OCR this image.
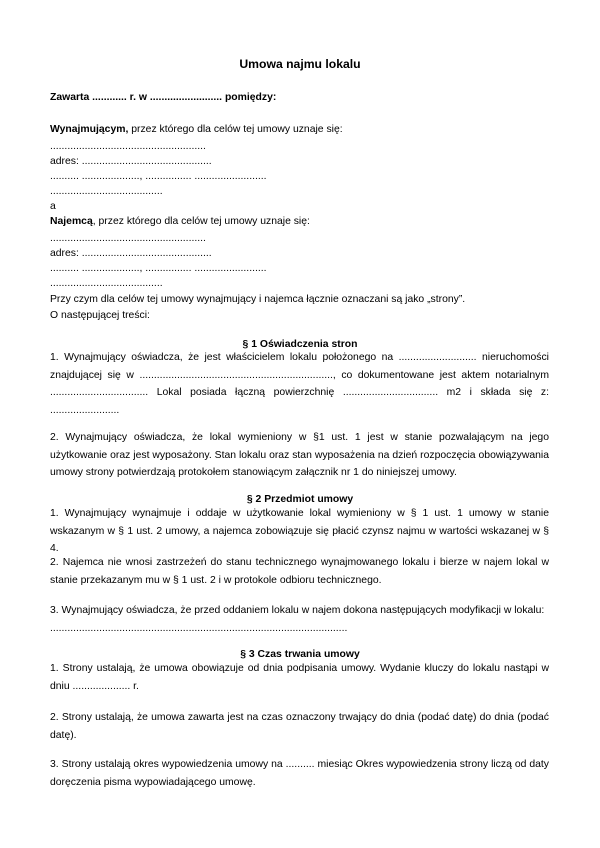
Umowa najmu lokalu
Zawarta ............ r. w ......................... pomiędzy:
Wynajmującym, przez którego dla celów tej umowy uznaje się:
......................................................
adres: .............................................
.......... ...................., ................ .........................
.......................................
a
Najemcą, przez którego dla celów tej umowy uznaje się:
......................................................
adres: .............................................
.......... ...................., ................ .........................
.......................................
Przy czym dla celów tej umowy wynajmujący i najemca łącznie oznaczani są jako „strony”.
O następującej treści:
§ 1 Oświadczenia stron
1. Wynajmujący oświadcza, że jest właścicielem lokalu położonego na ........................... nieruchomości znajdującej się w ..................................................................., co dokumentowane jest aktem notarialnym .................................. Lokal posiada łączną powierzchnię ................................. m2 i składa się z: ........................
2. Wynajmujący oświadcza, że lokal wymieniony w §1 ust. 1 jest w stanie pozwalającym na jego użytkowanie oraz jest wyposażony. Stan lokalu oraz stan wyposażenia na dzień rozpoczęcia obowiązywania umowy strony potwierdzają protokołem stanowiącym załącznik nr 1 do niniejszej umowy.
§ 2 Przedmiot umowy
1. Wynajmujący wynajmuje i oddaje w użytkowanie lokal wymieniony w § 1 ust. 1 umowy w stanie wskazanym w § 1 ust. 2 umowy, a najemca zobowiązuje się płacić czynsz najmu w wartości wskazanej w § 4.
2. Najemca nie wnosi zastrzeżeń do stanu technicznego wynajmowanego lokalu i bierze w najem lokal w stanie przekazanym mu w § 1 ust. 2 i w protokole odbioru technicznego.
3. Wynajmujący oświadcza, że przed oddaniem lokalu w najem dokona następujących modyfikacji w lokalu:
.......................................................................................................
§ 3 Czas trwania umowy
1. Strony ustalają, że umowa obowiązuje od dnia podpisania umowy. Wydanie kluczy do lokalu nastąpi w dniu .................... r.
2. Strony ustalają, że umowa zawarta jest na czas oznaczony trwający do dnia (podać datę) do dnia (podać datę).
3. Strony ustalają okres wypowiedzenia umowy na .......... miesiąc Okres wypowiedzenia strony liczą od daty doręczenia pisma wypowiadającego umowę.
